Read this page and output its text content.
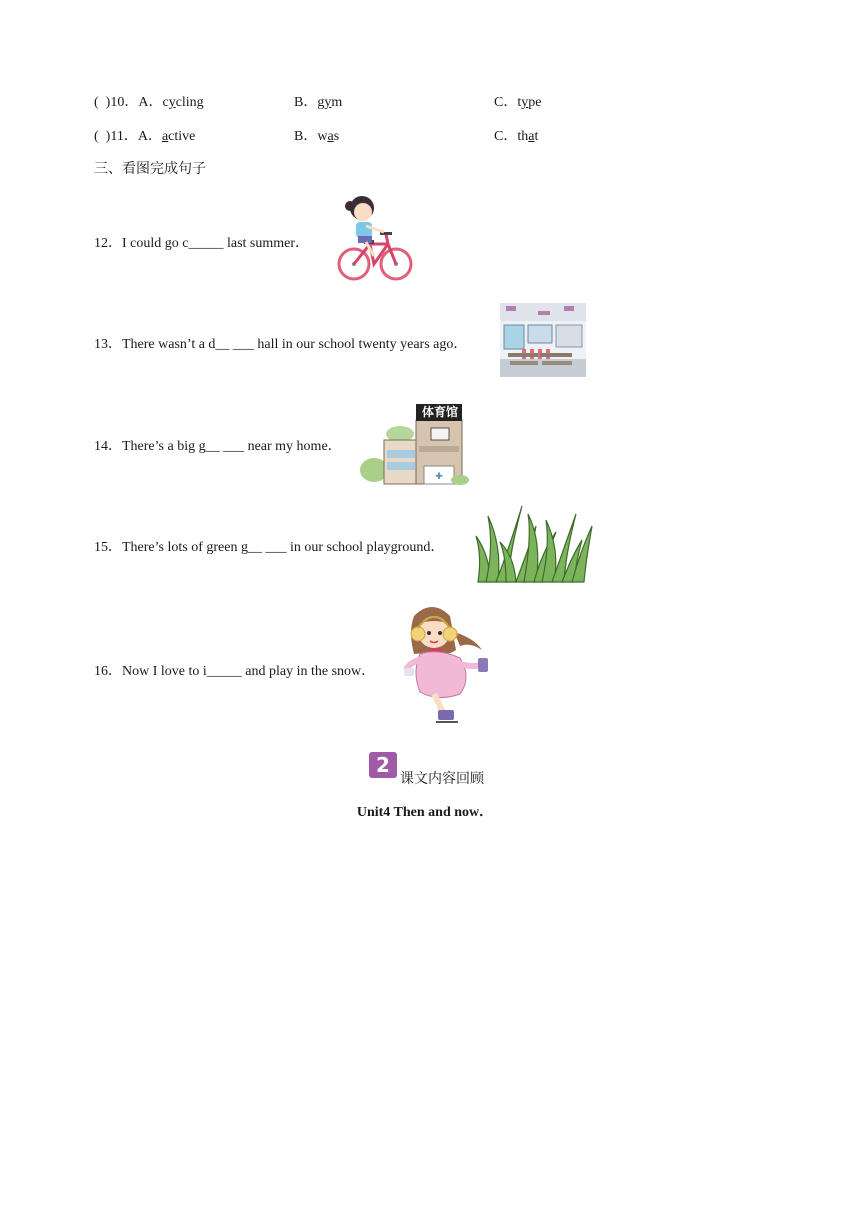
( )10．A．cycling	B．gym	C．type
( )11．A．active	B．was	C．that
三、看图完成句子
12．I could go c_____ last summer．
13．There wasn’t a d__ ___ hall in our school twenty years ago．
14．There’s a big g__ ___ near my home．
✚
体育馆
15．There’s lots of green g__ ___ in our school playground．
16．Now I love to i_____ and play in the snow．
2
课文内容回顾
Unit4 Then and now．
